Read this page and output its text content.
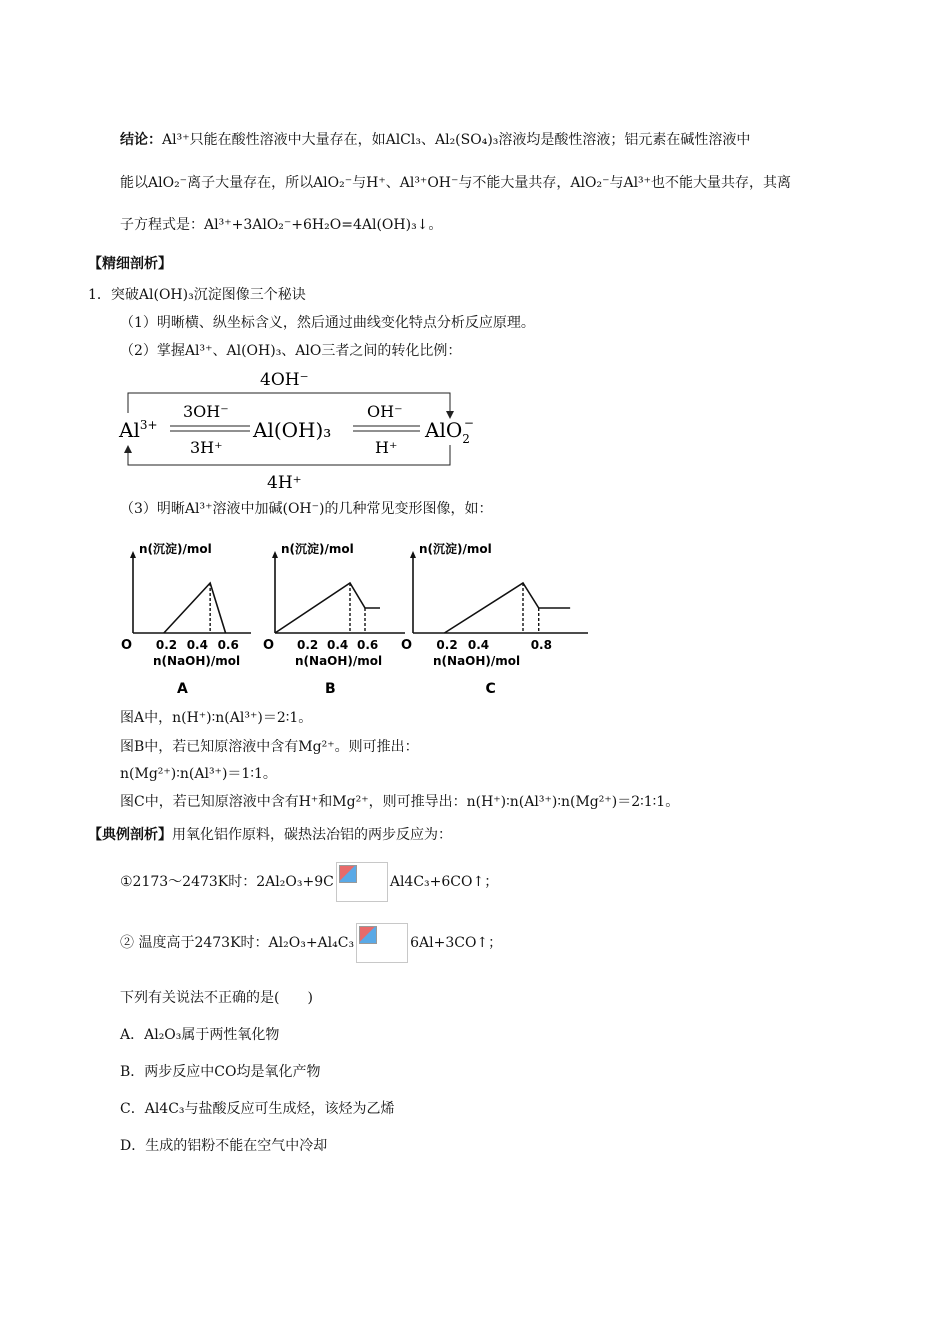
结论：Al³⁺只能在酸性溶液中大量存在，如AlCl₃、Al₂(SO₄)₃溶液均是酸性溶液；铝元素在碱性溶液中
能以AlO₂⁻离子大量存在，所以AlO₂⁻与H⁺、Al³⁺OH⁻与不能大量共存，AlO₂⁻与Al³⁺也不能大量共存，其离
子方程式是：Al³⁺+3AlO₂⁻+6H₂O=4Al(OH)₃↓。
【精细剖析】
1．突破Al(OH)₃沉淀图像三个秘诀
（1）明晰横、纵坐标含义，然后通过曲线变化特点分析反应原理。
（2）掌握Al³⁺、Al(OH)₃、AlO三者之间的转化比例：
4OH⁻
4H⁺
$Al^{3+}$	Al(OH)₃	AlO$_2$−
3OH⁻
3H⁺
OH⁻
H⁺
（3）明晰Al³⁺溶液中加碱(OH⁻)的几种常见变形图像，如：
n(沉淀)/mol
O 0.2 0.4 0.6
n(NaOH)/mol
A
n(沉淀)/mol
O 0.2 0.4 0.6
n(NaOH)/mol
B
n(沉淀)/mol
O 0.2 0.4	0.8
n(NaOH)/mol
C
图A中，n(H⁺)∶n(Al³⁺)＝2∶1。
图B中，若已知原溶液中含有Mg²⁺。则可推出：
n(Mg²⁺)∶n(Al³⁺)＝1∶1。
图C中，若已知原溶液中含有H⁺和Mg²⁺，则可推导出：n(H⁺)∶n(Al³⁺)∶n(Mg²⁺)＝2∶1∶1。
【典例剖析】用氧化铝作原料，碳热法冶铝的两步反应为：
①2173～2473K时：2Al₂O₃+9C	Al4C₃+6CO↑；
② 温度高于2473K时：Al₂O₃+Al₄C₃	6Al+3CO↑；
下列有关说法不正确的是(　　)
A．Al₂O₃属于两性氧化物
B．两步反应中CO均是氧化产物
C．Al4C₃与盐酸反应可生成烃，该烃为乙烯
D．生成的铝粉不能在空气中冷却
